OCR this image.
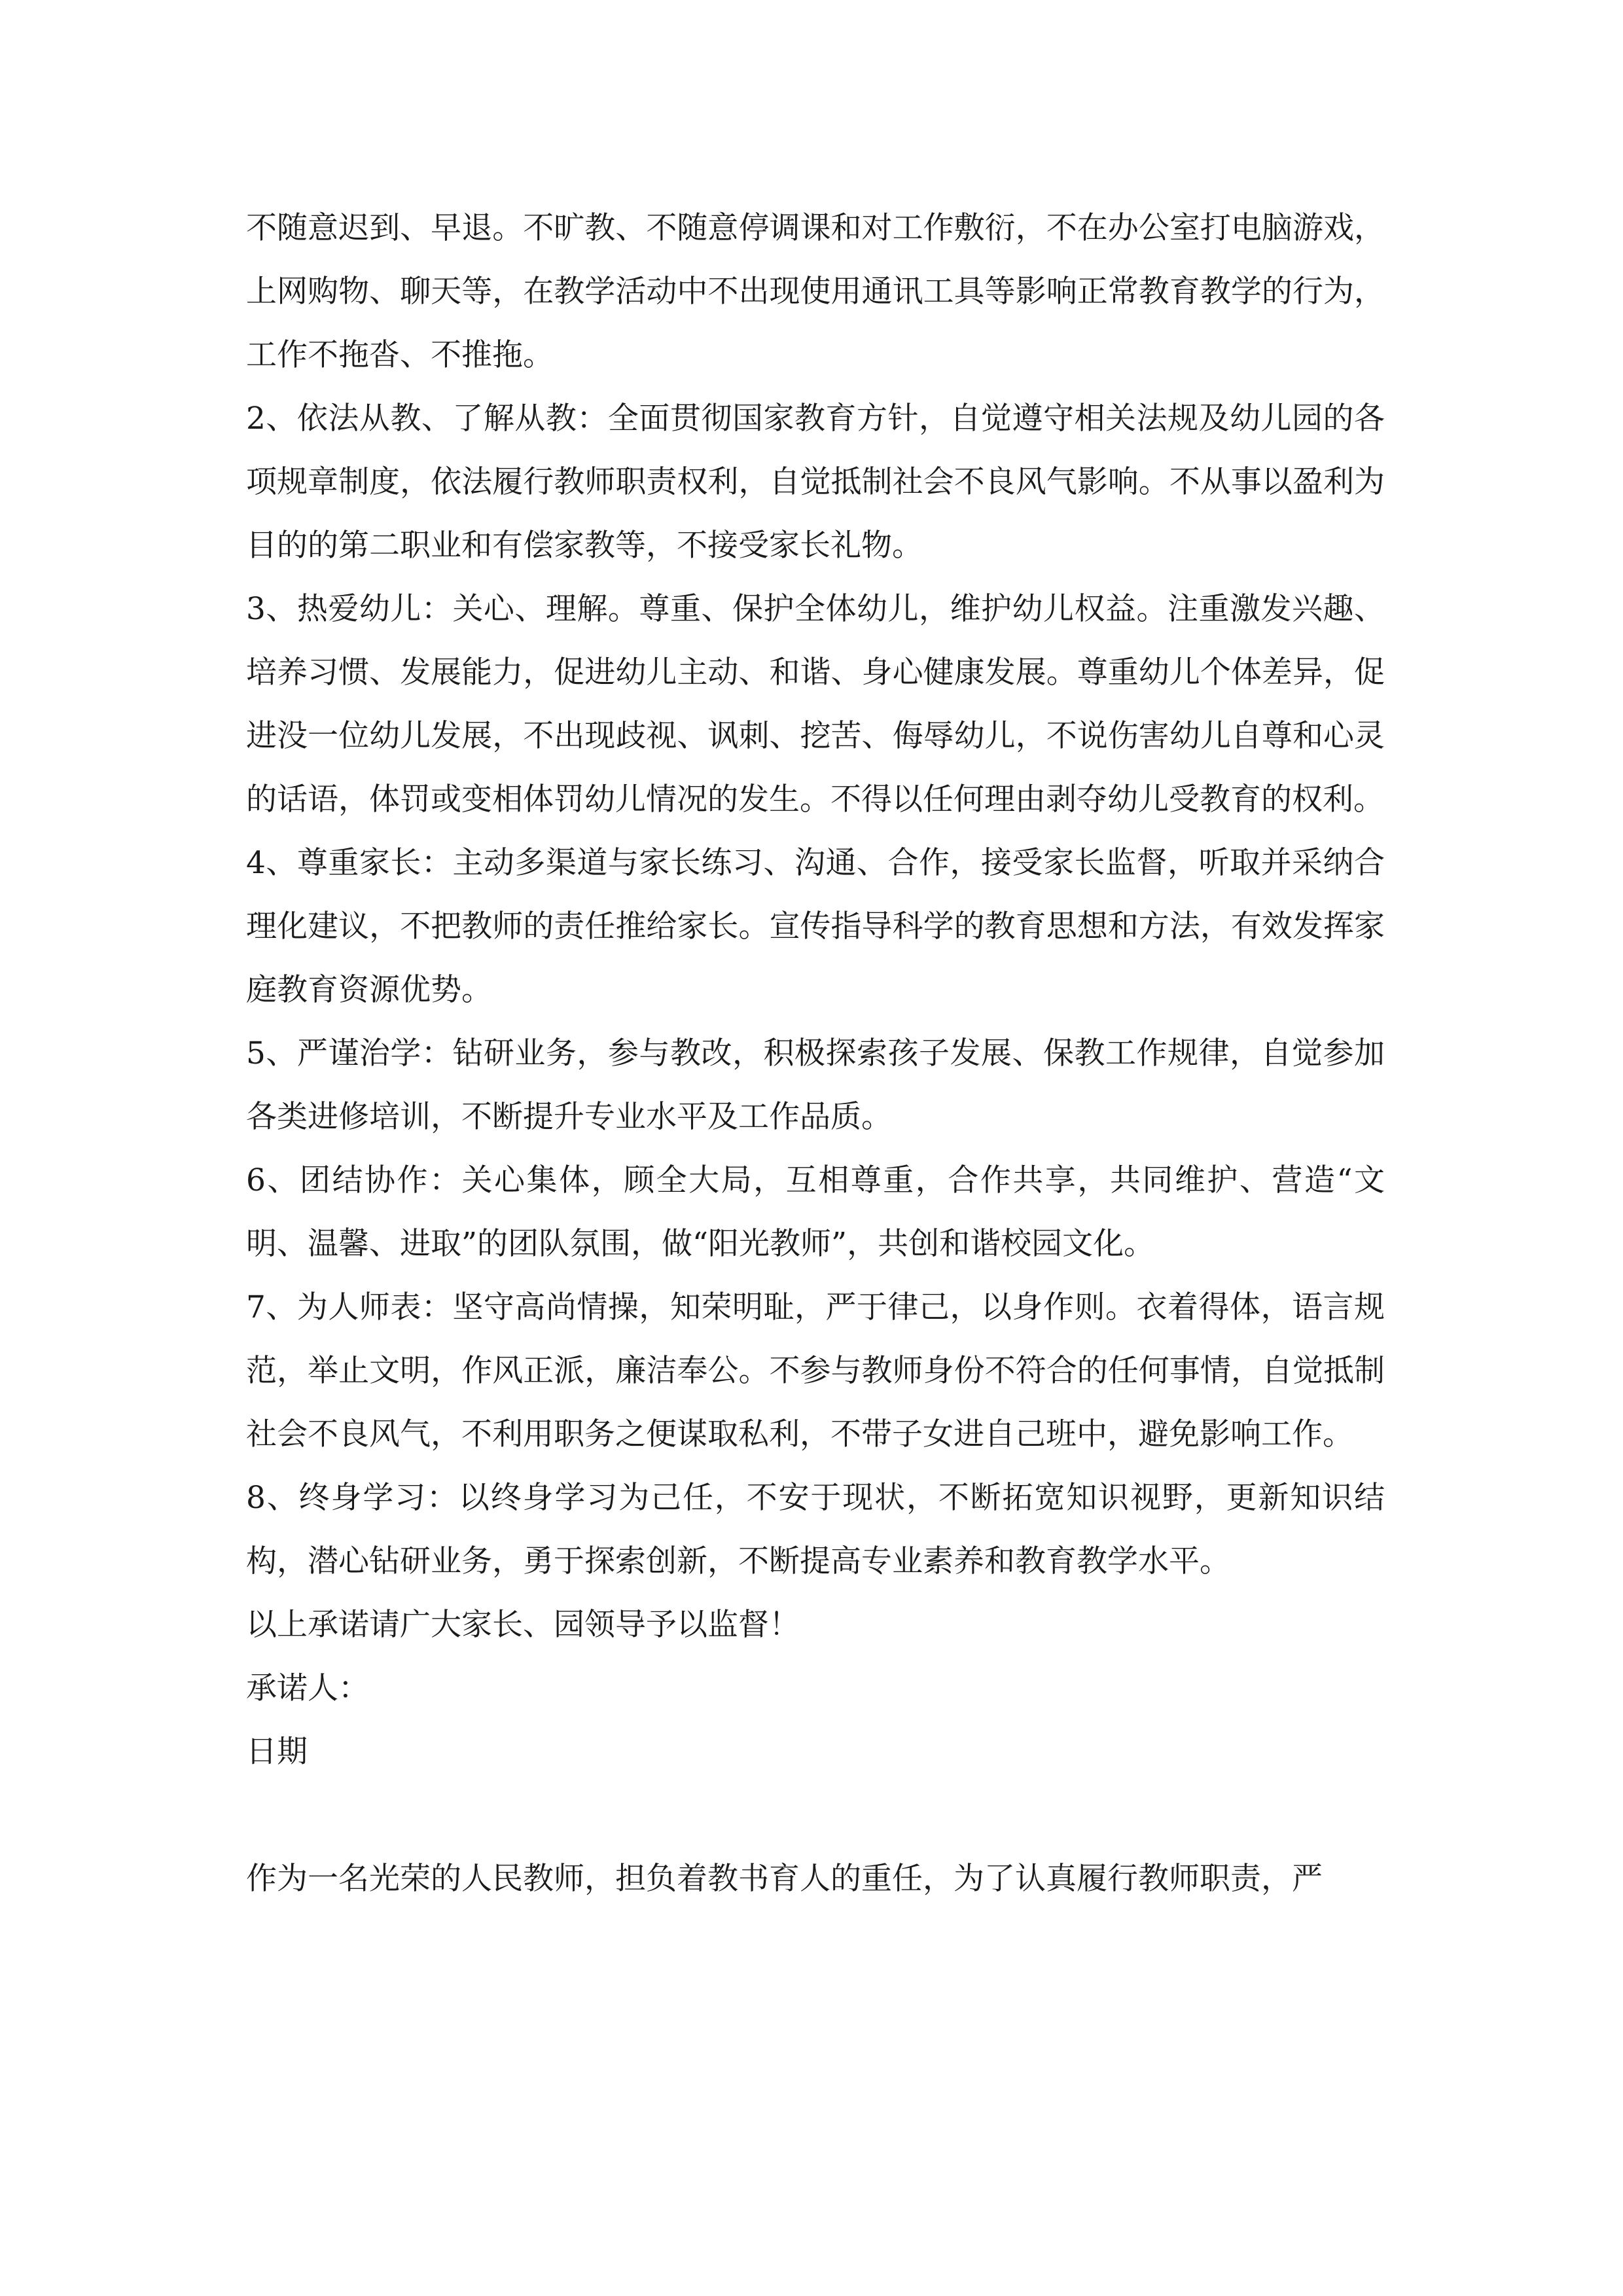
不随意迟到、早退。不旷教、不随意停调课和对工作敷衍，不在办公室打电脑游戏，上网购物、聊天等，在教学活动中不出现使用通讯工具等影响正常教育教学的行为，工作不拖沓、不推拖。

2、依法从教、了解从教：全面贯彻国家教育方针，自觉遵守相关法规及幼儿园的各项规章制度，依法履行教师职责权利，自觉抵制社会不良风气影响。不从事以盈利为目的的第二职业和有偿家教等，不接受家长礼物。

3、热爱幼儿：关心、理解。尊重、保护全体幼儿，维护幼儿权益。注重激发兴趣、培养习惯、发展能力，促进幼儿主动、和谐、身心健康发展。尊重幼儿个体差异，促进没一位幼儿发展，不出现歧视、讽刺、挖苦、侮辱幼儿，不说伤害幼儿自尊和心灵的话语，体罚或变相体罚幼儿情况的发生。不得以任何理由剥夺幼儿受教育的权利。

4、尊重家长：主动多渠道与家长练习、沟通、合作，接受家长监督，听取并采纳合理化建议，不把教师的责任推给家长。宣传指导科学的教育思想和方法，有效发挥家庭教育资源优势。

5、严谨治学：钻研业务，参与教改，积极探索孩子发展、保教工作规律，自觉参加各类进修培训，不断提升专业水平及工作品质。

6、团结协作：关心集体，顾全大局，互相尊重，合作共享，共同维护、营造“文明、温馨、进取”的团队氛围，做“阳光教师”，共创和谐校园文化。

7、为人师表：坚守高尚情操，知荣明耻，严于律己，以身作则。衣着得体，语言规范，举止文明，作风正派，廉洁奉公。不参与教师身份不符合的任何事情，自觉抵制社会不良风气，不利用职务之便谋取私利，不带子女进自己班中，避免影响工作。

8、终身学习：以终身学习为己任，不安于现状，不断拓宽知识视野，更新知识结构，潜心钻研业务，勇于探索创新，不断提高专业素养和教育教学水平。

以上承诺请广大家长、园领导予以监督！

承诺人：

日期

作为一名光荣的人民教师，担负着教书育人的重任，为了认真履行教师职责，严
